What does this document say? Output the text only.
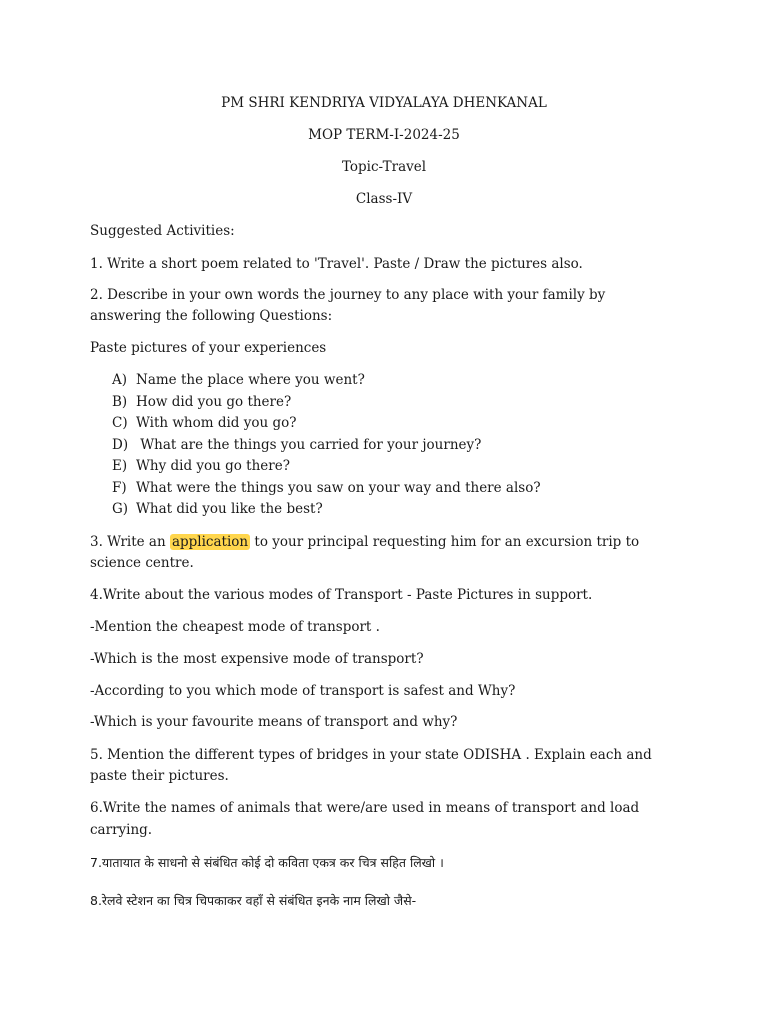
PM SHRI KENDRIYA VIDYALAYA DHENKANAL
MOP TERM-I-2024-25
Topic-Travel
Class-IV
Suggested Activities:
1. Write a short poem related to 'Travel'. Paste / Draw the pictures also.
2. Describe in your own words the journey to any place with your family by
answering the following Questions:
Paste pictures of your experiences
A) Name the place where you went?
B) How did you go there?
C) With whom did you go?
D) What are the things you carried for your journey?
E) Why did you go there?
F) What were the things you saw on your way and there also?
G) What did you like the best?
3. Write an application to your principal requesting him for an excursion trip to
science centre.
4.Write about the various modes of Transport - Paste Pictures in support.
-Mention the cheapest mode of transport .
-Which is the most expensive mode of transport?
-According to you which mode of transport is safest and Why?
-Which is your favourite means of transport and why?
5. Mention the different types of bridges in your state ODISHA . Explain each and
paste their pictures.
6.Write the names of animals that were/are used in means of transport and load
carrying.
7.यातायात के साधनो से संबंधित कोई दो कविता एकत्र कर चित्र सहित लिखो ।
8.रेलवे स्टेशन का चित्र चिपकाकर वहाँ से संबंधित इनके नाम लिखो जैसे-
